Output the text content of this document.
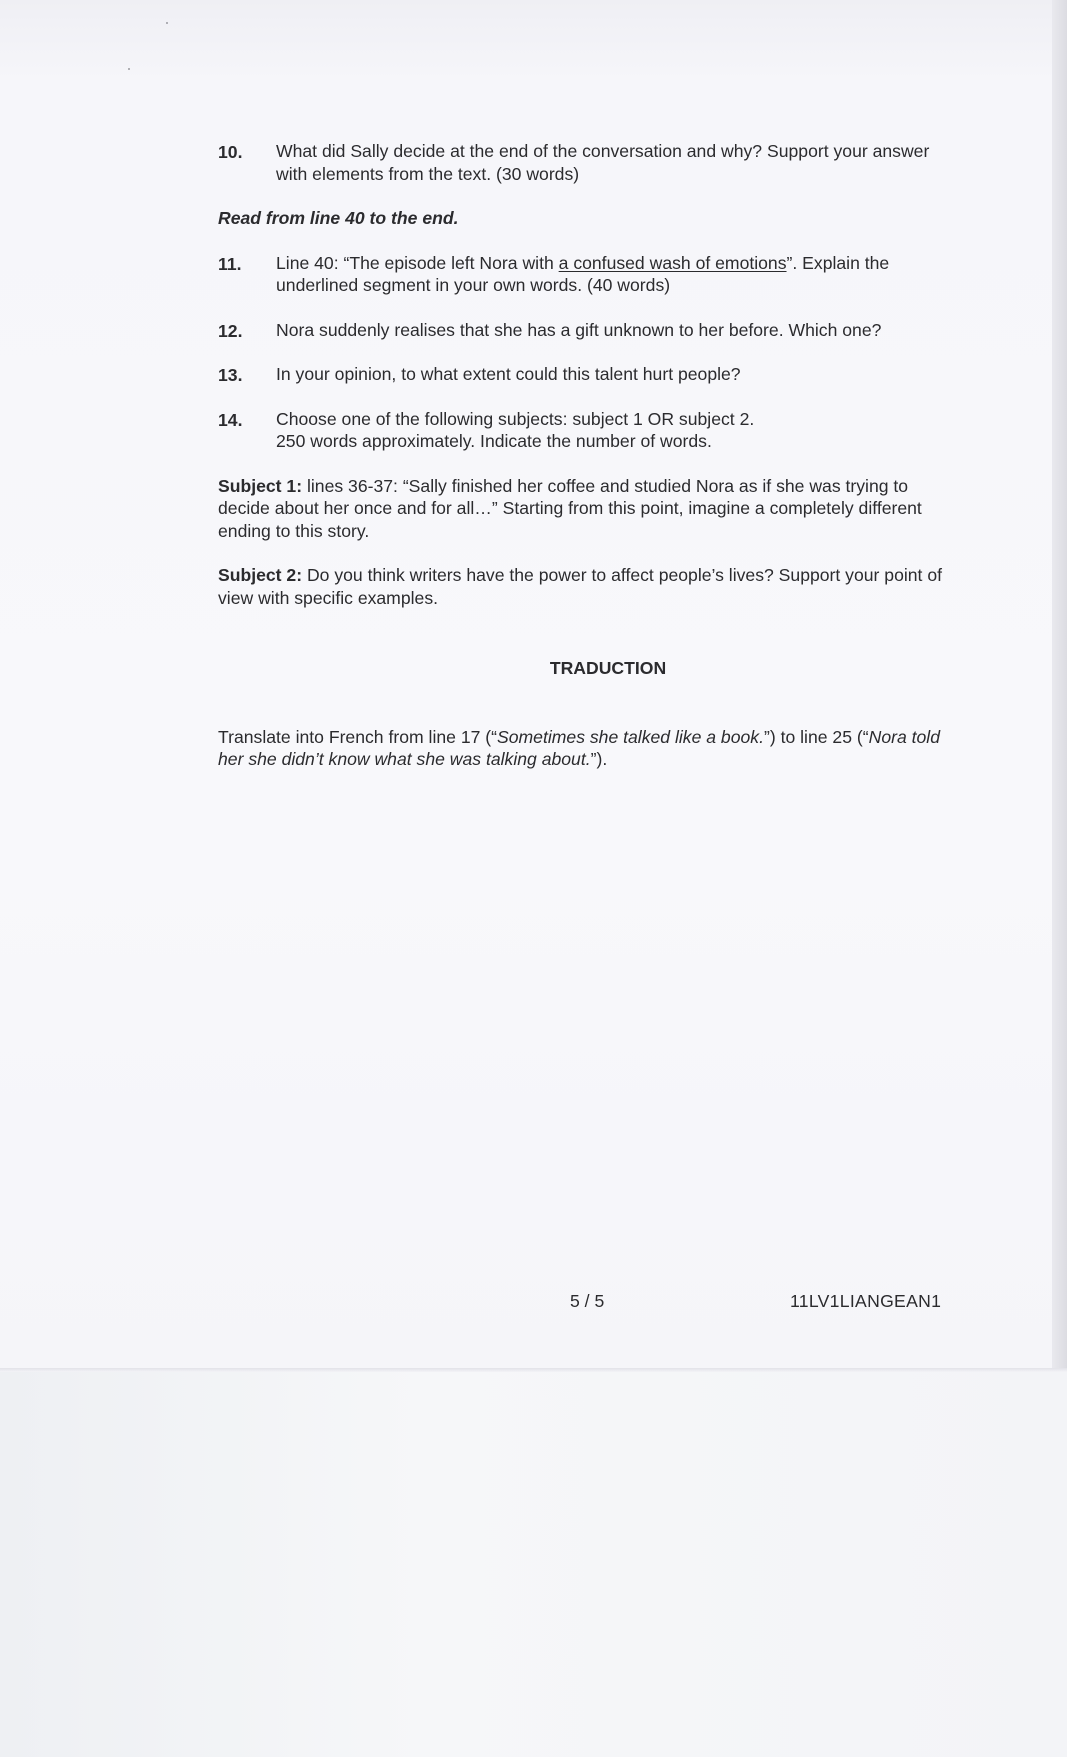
10. What did Sally decide at the end of the conversation and why? Support your answer with elements from the text. (30 words)
Read from line 40 to the end.
11. Line 40: “The episode left Nora with a confused wash of emotions”. Explain the underlined segment in your own words. (40 words)
12. Nora suddenly realises that she has a gift unknown to her before. Which one?
13. In your opinion, to what extent could this talent hurt people?
14. Choose one of the following subjects: subject 1 OR subject 2.
250 words approximately. Indicate the number of words.
Subject 1: lines 36-37: “Sally finished her coffee and studied Nora as if she was trying to decide about her once and for all…” Starting from this point, imagine a completely different ending to this story.
Subject 2: Do you think writers have the power to affect people’s lives? Support your point of view with specific examples.
TRADUCTION
Translate into French from line 17 (“Sometimes she talked like a book.”) to line 25 (“Nora told her she didn’t know what she was talking about.”).
5 / 5	11LV1LIANGEAN1
